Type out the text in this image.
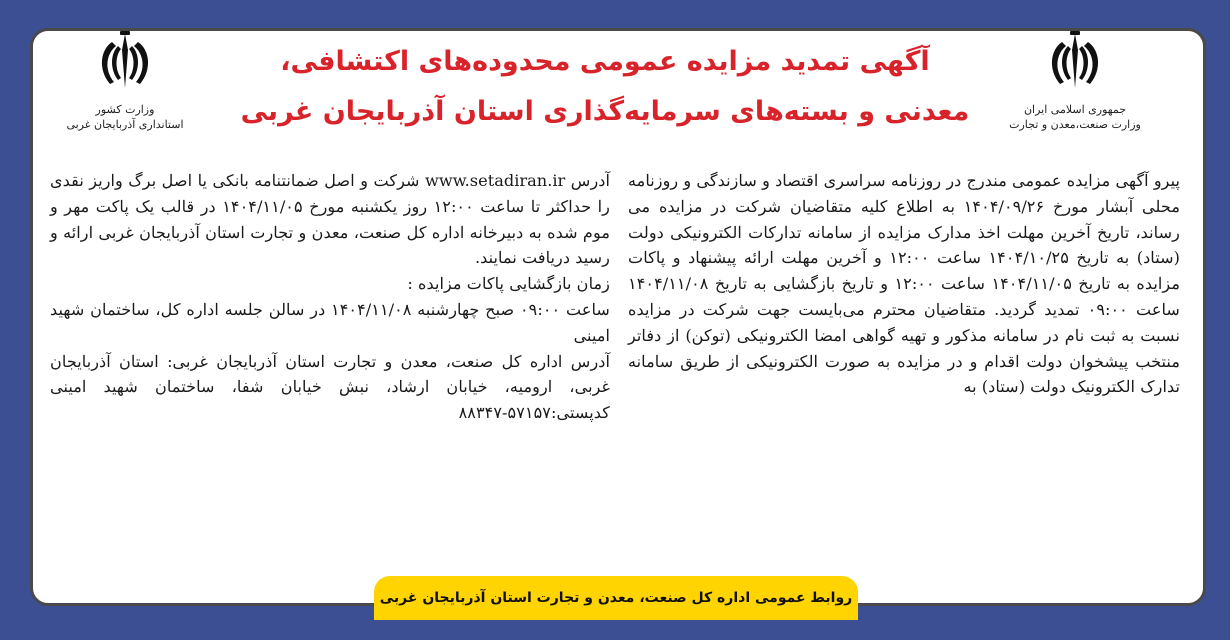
جمهوری اسلامی ایران
وزارت صنعت،معدن و تجارت
وزارت کشور
استانداری آذربایجان غربی
آگهی تمدید مزایده عمومی محدوده‌های اکتشافی،
معدنی و بسته‌های سرمایه‌گذاری استان آذربایجان غربی

پیرو آگهی مزایده عمومی مندرج در روزنامه سراسری اقتصاد و سازندگی و روزنامه محلی آبشار مورخ ۱۴۰۴/۰۹/۲۶ به اطلاع کلیه متقاضیان شرکت در مزایده می رساند، تاریخ آخرین مهلت اخذ مدارک مزایده از سامانه تدارکات الکترونیکی دولت (ستاد) به تاریخ ۱۴۰۴/۱۰/۲۵ ساعت ۱۲:۰۰ و آخرین مهلت ارائه پیشنهاد و پاکات مزایده به تاریخ ۱۴۰۴/۱۱/۰۵ ساعت ۱۲:۰۰ و تاریخ بازگشایی به تاریخ ۱۴۰۴/۱۱/۰۸ ساعت ۰۹:۰۰ تمدید گردید. متقاضیان محترم می‌بایست جهت شرکت در مزایده نسبت به ثبت نام در سامانه مذکور و تهیه گواهی امضا الکترونیکی (توکن) از دفاتر منتخب پیشخوان دولت اقدام و در مزایده به صورت الکترونیکی از طریق سامانه تدارک الکترونیک دولت (ستاد) به

آدرس www.setadiran.ir شرکت و اصل ضمانتنامه بانکی یا اصل برگ واریز نقدی را حداکثر تا ساعت ۱۲:۰۰ روز یکشنبه مورخ ۱۴۰۴/۱۱/۰۵ در قالب یک پاکت مهر و موم شده به دبیرخانه اداره کل صنعت، معدن و تجارت استان آذربایجان غربی ارائه و رسید دریافت نمایند.

زمان بازگشایی پاکات مزایده :

ساعت ۰۹:۰۰ صبح چهارشنبه ۱۴۰۴/۱۱/۰۸ در سالن جلسه اداره کل، ساختمان شهید امینی

آدرس اداره کل صنعت، معدن و تجارت استان آذربایجان غربی: استان آذربایجان غربی، ارومیه، خیابان ارشاد، نبش خیابان شفا، ساختمان شهید امینی کدپستی:۵۷۱۵۷-۸۸۳۴۷

روابط عمومی اداره کل صنعت، معدن و تجارت استان آذربایجان غربی
